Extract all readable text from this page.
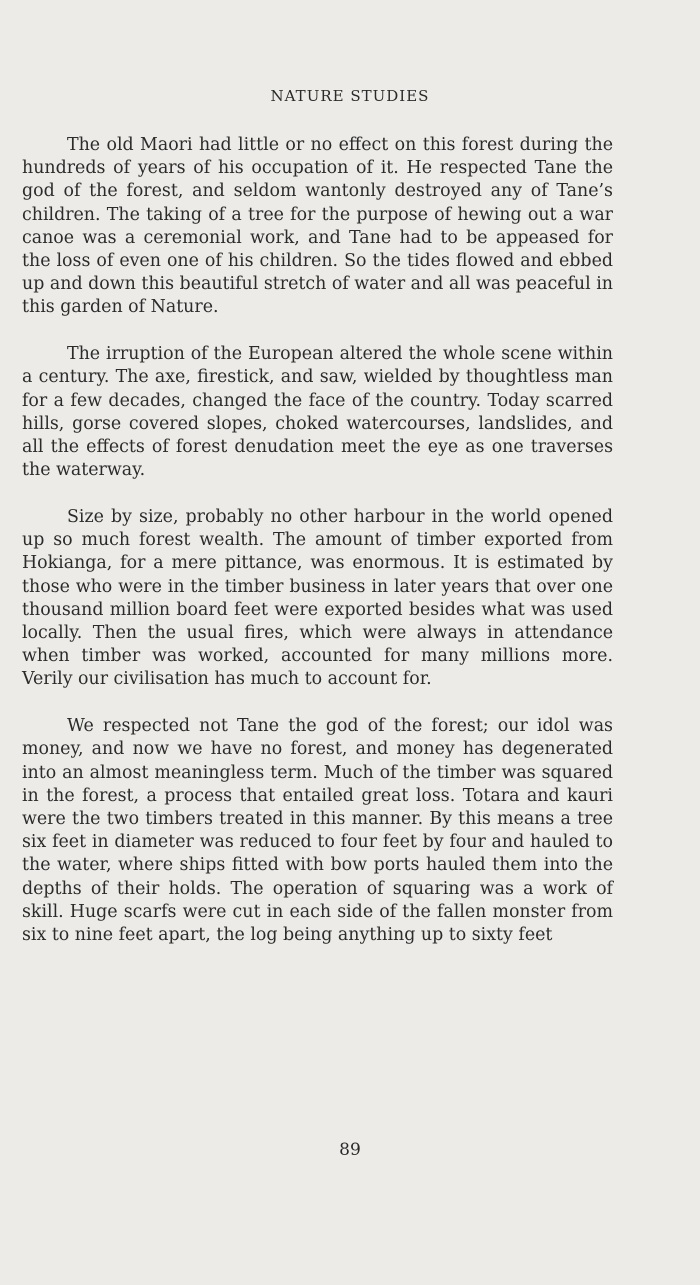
NATURE STUDIES

The old Maori had little or no effect on this forest during the hundreds of years of his occupation of it. He respected Tane the god of the forest, and seldom wantonly destroyed any of Tane’s children. The taking of a tree for the purpose of hewing out a war canoe was a ceremonial work, and Tane had to be appeased for the loss of even one of his children. So the tides flowed and ebbed up and down this beautiful stretch of water and all was peaceful in this garden of Nature.

The irruption of the European altered the whole scene within a century. The axe, firestick, and saw, wielded by thoughtless man for a few decades, changed the face of the country. Today scarred hills, gorse covered slopes, choked watercourses, landslides, and all the effects of forest denudation meet the eye as one traverses the waterway.

Size by size, probably no other harbour in the world opened up so much forest wealth. The amount of timber exported from Hokianga, for a mere pittance, was enormous. It is estimated by those who were in the timber business in later years that over one thousand million board feet were exported besides what was used locally. Then the usual fires, which were always in attendance when timber was worked, accounted for many millions more. Verily our civilisation has much to account for.

We respected not Tane the god of the forest; our idol was money, and now we have no forest, and money has degenerated into an almost meaningless term. Much of the timber was squared in the forest, a process that entailed great loss. Totara and kauri were the two timbers treated in this manner. By this means a tree six feet in diameter was reduced to four feet by four and hauled to the water, where ships fitted with bow ports hauled them into the depths of their holds. The operation of squaring was a work of skill. Huge scarfs were cut in each side of the fallen monster from six to nine feet apart, the log being anything up to sixty feet

89
